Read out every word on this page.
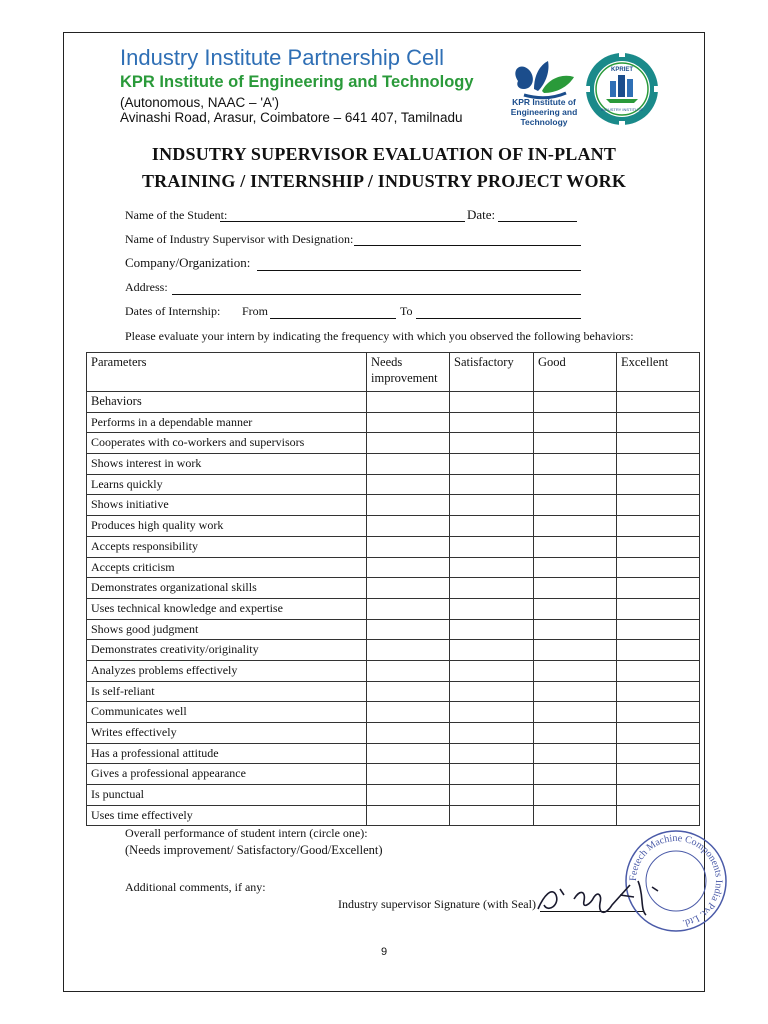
Industry Institute Partnership Cell
KPR Institute of Engineering and Technology
(Autonomous, NAAC – 'A')
Avinashi Road, Arasur, Coimbatore – 641 407, Tamilnadu
KPR Institute of Engineering and Technology
KPRIET
INDUSTRY INSTITUTE
INDSUTRY SUPERVISOR EVALUATION OF IN-PLANT
TRAINING / INTERNSHIP / INDUSTRY PROJECT WORK
Name of the Student:	Date:
Name of Industry Supervisor with Designation:
Company/Organization:
Address:
Dates of Internship: From	To
Please evaluate your intern by indicating the frequency with which you observed the following behaviors:
Parameters	Needs improvement	Satisfactory	Good	Excellent
Behaviors				
Performs in a dependable manner				
Cooperates with co-workers and supervisors				
Shows interest in work				
Learns quickly				
Shows initiative				
Produces high quality work				
Accepts responsibility				
Accepts criticism				
Demonstrates organizational skills				
Uses technical knowledge and expertise				
Shows good judgment				
Demonstrates creativity/originality				
Analyzes problems effectively				
Is self-reliant				
Communicates well				
Writes effectively				
Has a professional attitude				
Gives a professional appearance				
Is punctual				
Uses time effectively				
Overall performance of student intern (circle one):
(Needs improvement/ Satisfactory/Good/Excellent)
Additional comments, if any:
Industry supervisor Signature (with Seal)
Feetech Machine Components India Pvt. Ltd.
9
